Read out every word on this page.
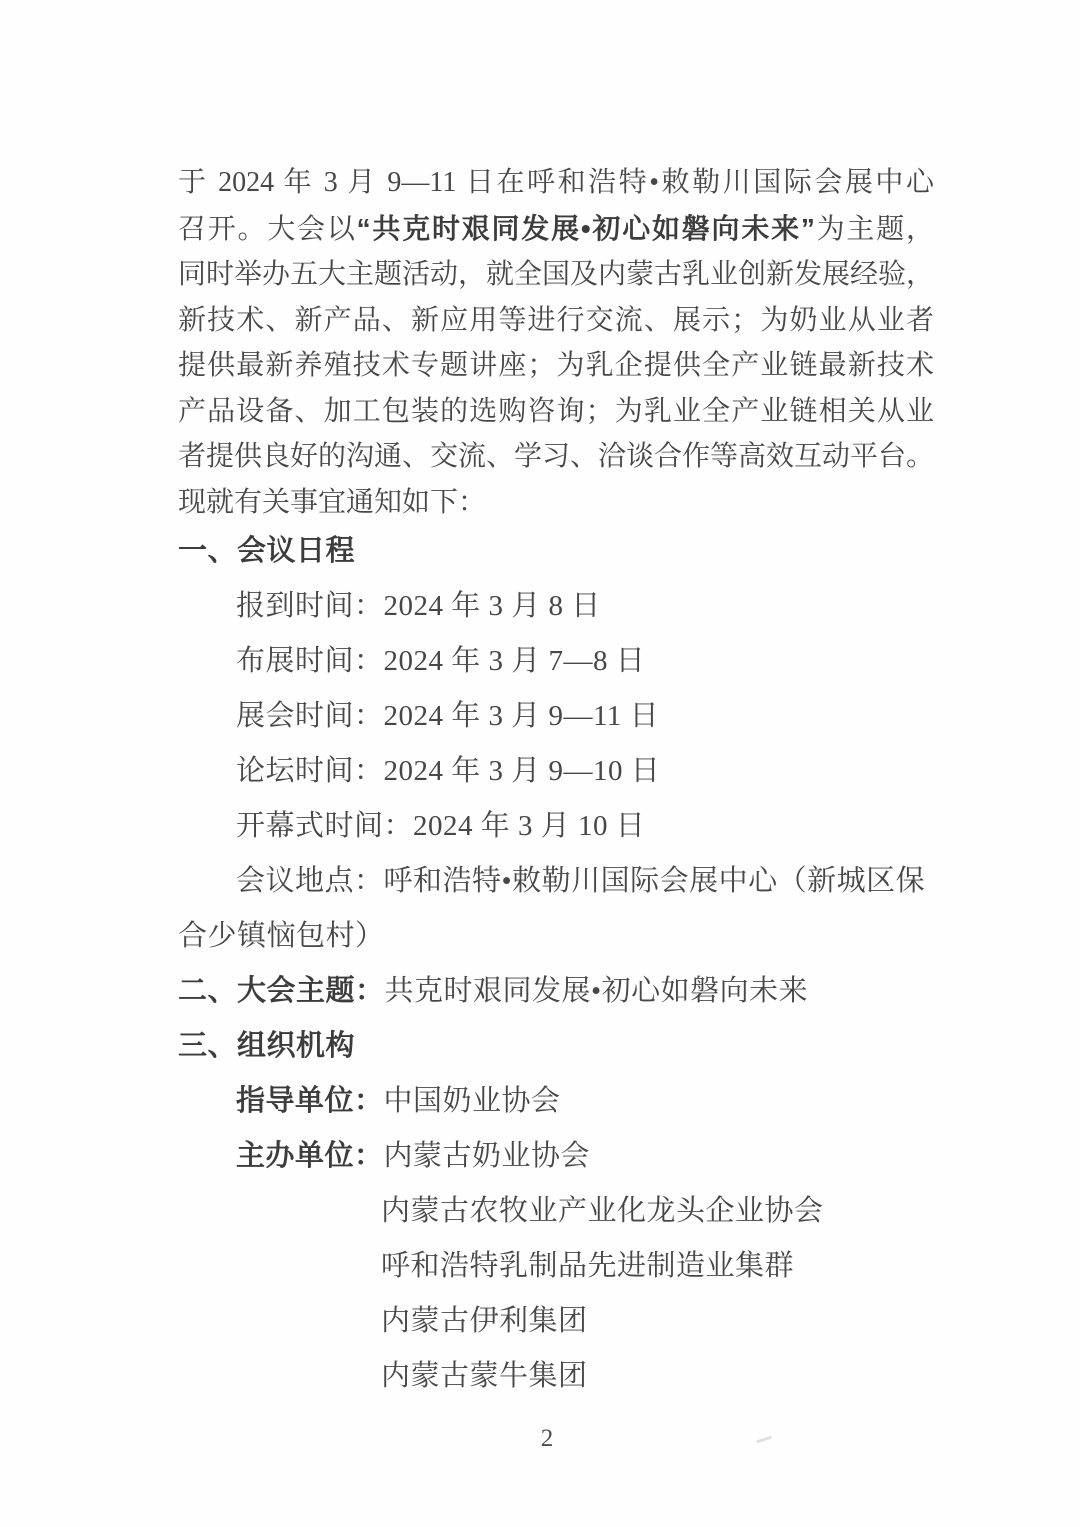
于 2024 年 3 月 9—11 日在呼和浩特•敕勒川国际会展中心

召开。大会以“共克时艰同发展•初心如磐向未来”为主题，

同时举办五大主题活动，就全国及内蒙古乳业创新发展经验，

新技术、新产品、新应用等进行交流、展示；为奶业从业者

提供最新养殖技术专题讲座；为乳企提供全产业链最新技术

产品设备、加工包装的选购咨询；为乳业全产业链相关从业

者提供良好的沟通、交流、学习、洽谈合作等高效互动平台。

现就有关事宜通知如下：

一、会议日程
报到时间：2024 年 3 月 8 日
布展时间：2024 年 3 月 7—8 日
展会时间：2024 年 3 月 9—11 日
论坛时间：2024 年 3 月 9—10 日
开幕式时间：2024 年 3 月 10 日
会议地点：呼和浩特•敕勒川国际会展中心（新城区保
合少镇恼包村）
二、大会主题：共克时艰同发展•初心如磐向未来
三、组织机构
指导单位：中国奶业协会
主办单位：内蒙古奶业协会
内蒙古农牧业产业化龙头企业协会
呼和浩特乳制品先进制造业集群
内蒙古伊利集团
内蒙古蒙牛集团
2
